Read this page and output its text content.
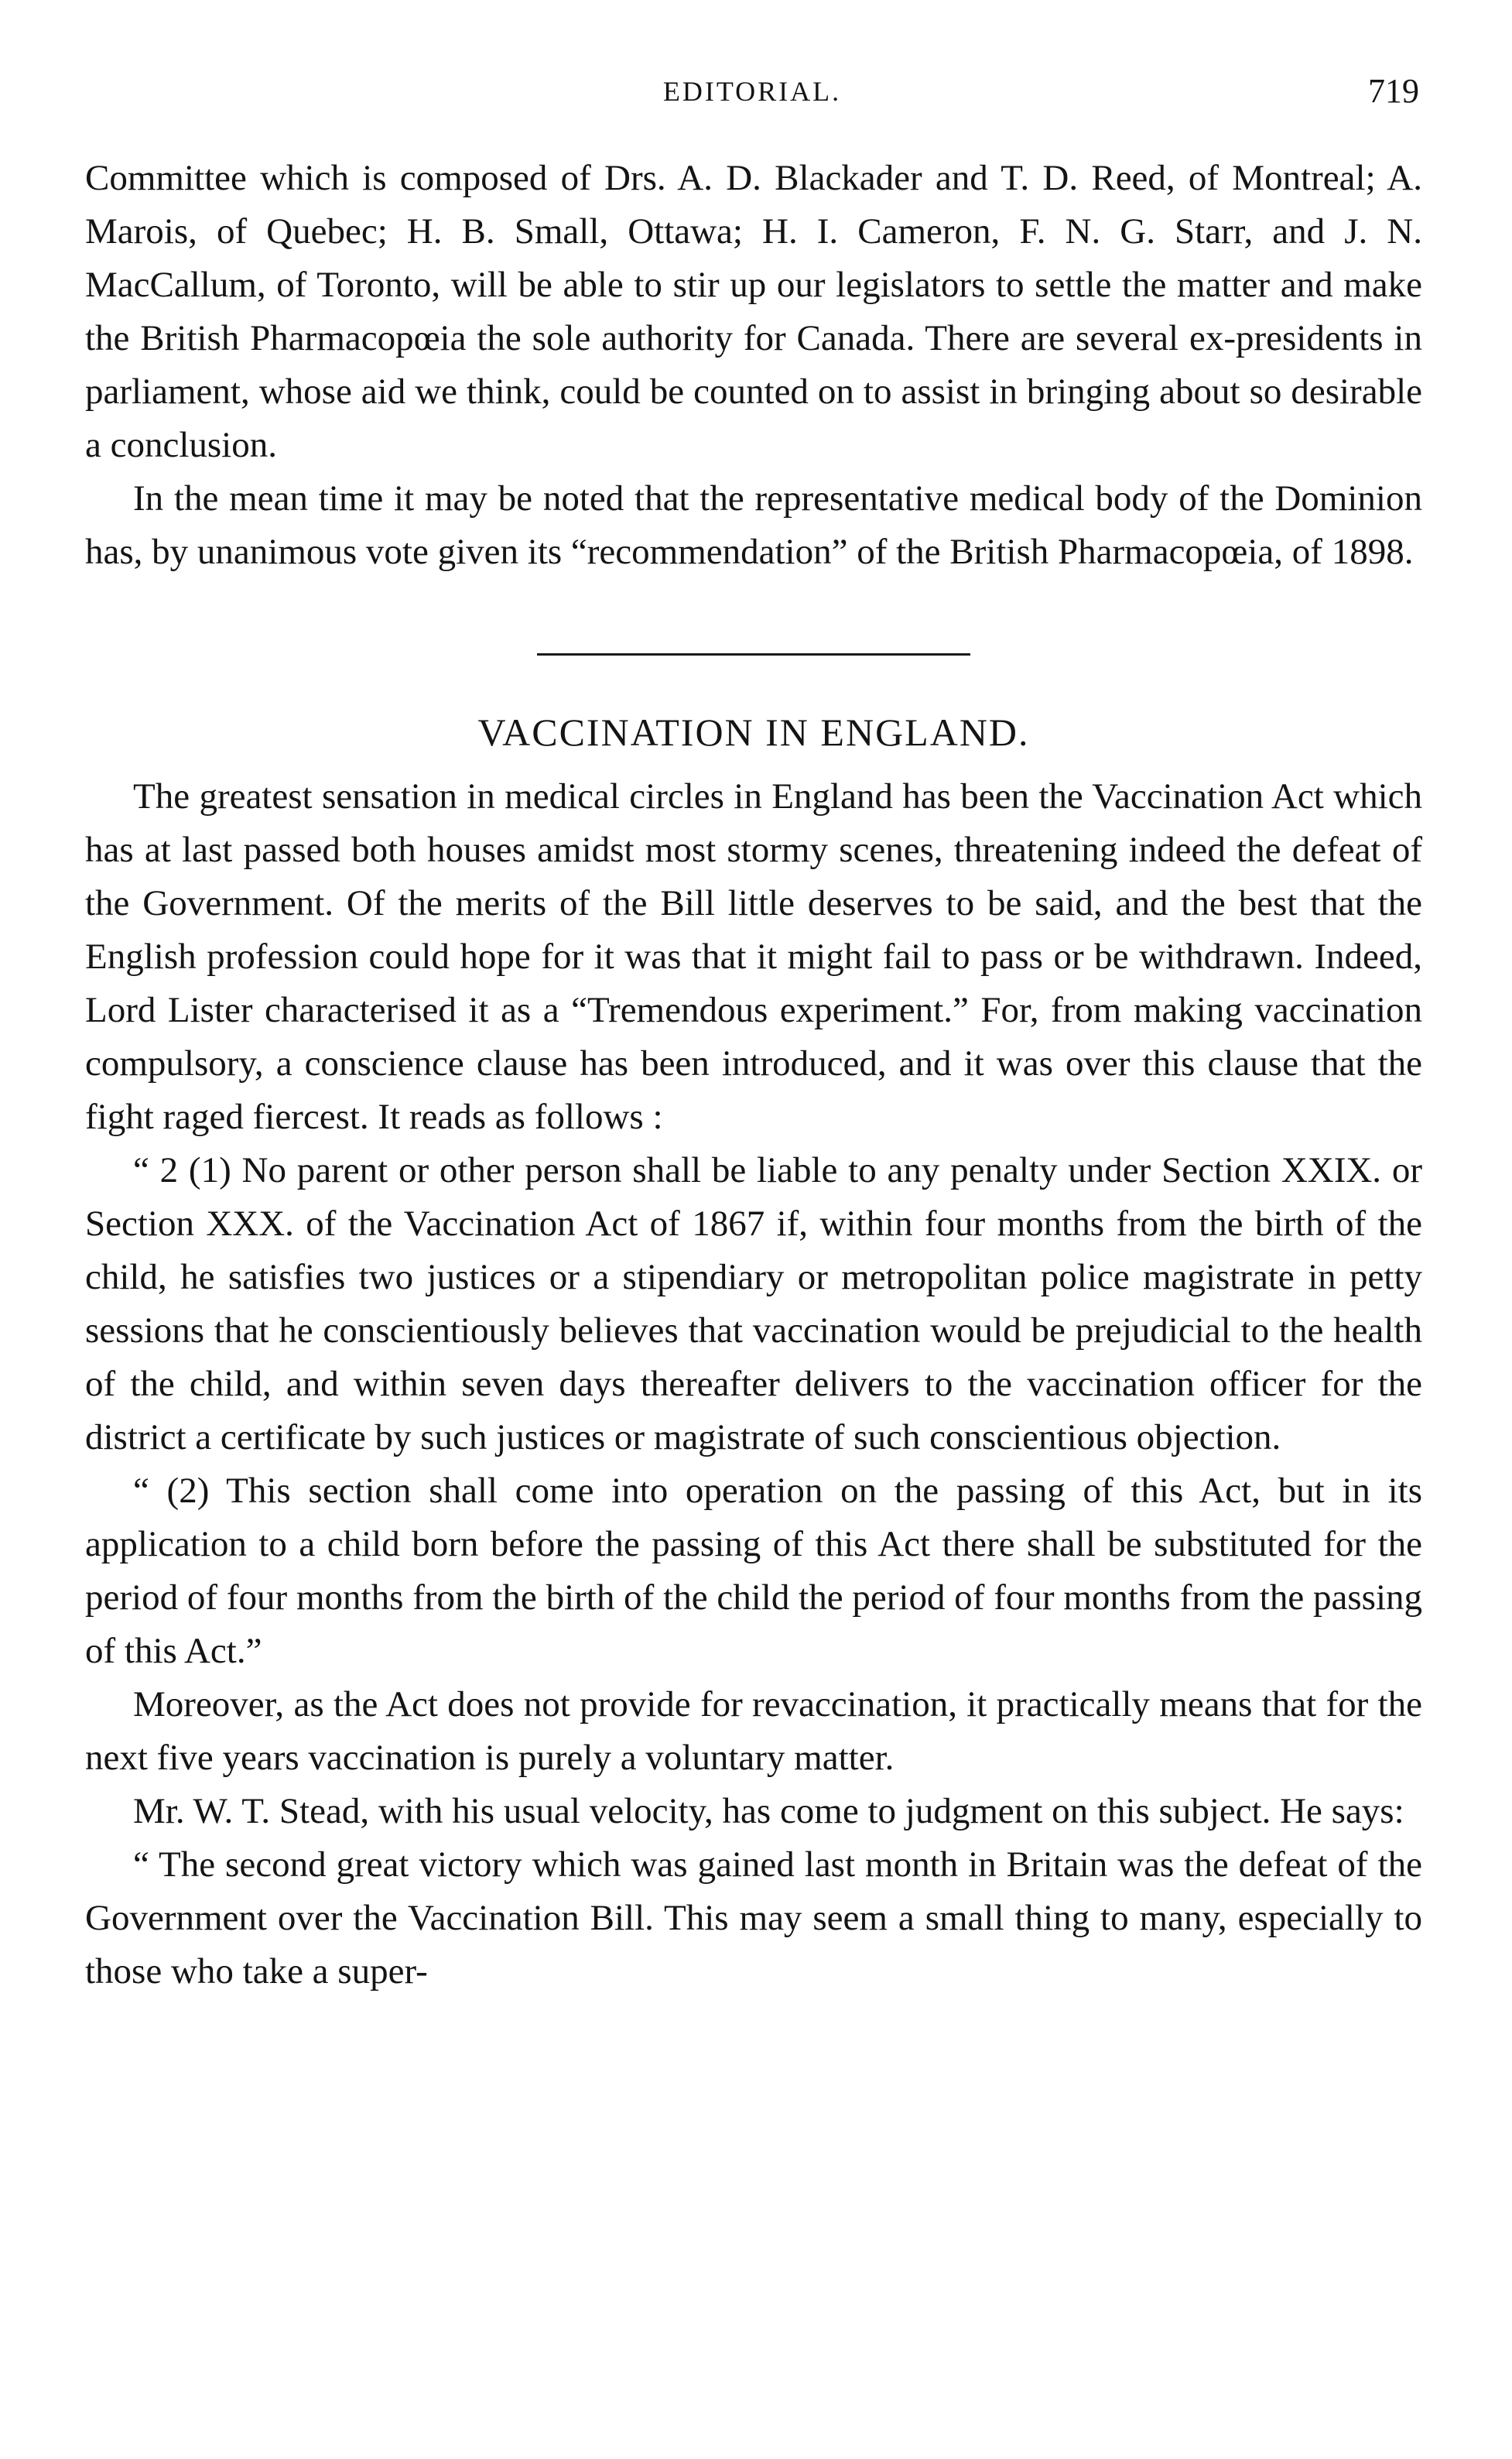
EDITORIAL.	719

Committee which is composed of Drs. A. D. Blackader and T. D. Reed, of Montreal; A. Marois, of Quebec; H. B. Small, Ottawa; H. I. Cameron, F. N. G. Starr, and J. N. MacCallum, of Toronto, will be able to stir up our legislators to settle the matter and make the British Pharmacopœia the sole authority for Canada. There are several ex-presidents in parliament, whose aid we think, could be counted on to assist in bringing about so desirable a conclusion.

In the mean time it may be noted that the representative medical body of the Dominion has, by unanimous vote given its “recommendation” of the British Pharmacopœia, of 1898.

VACCINATION IN ENGLAND.

The greatest sensation in medical circles in England has been the Vaccination Act which has at last passed both houses amidst most stormy scenes, threatening indeed the defeat of the Government. Of the merits of the Bill little deserves to be said, and the best that the English profession could hope for it was that it might fail to pass or be withdrawn. Indeed, Lord Lister characterised it as a “Tremendous experiment.” For, from making vaccination compulsory, a conscience clause has been introduced, and it was over this clause that the fight raged fiercest. It reads as follows :

“ 2 (1) No parent or other person shall be liable to any penalty under Section XXIX. or Section XXX. of the Vaccination Act of 1867 if, within four months from the birth of the child, he satisfies two justices or a stipendiary or metropolitan police magistrate in petty sessions that he conscientiously believes that vaccination would be prejudicial to the health of the child, and within seven days thereafter delivers to the vaccination officer for the district a certificate by such justices or magistrate of such conscientious objection.

“ (2) This section shall come into operation on the passing of this Act, but in its application to a child born before the passing of this Act there shall be substituted for the period of four months from the birth of the child the period of four months from the passing of this Act.”

Moreover, as the Act does not provide for revaccination, it practically means that for the next five years vaccination is purely a voluntary matter.

Mr. W. T. Stead, with his usual velocity, has come to judgment on this subject. He says:

“ The second great victory which was gained last month in Britain was the defeat of the Government over the Vaccination Bill. This may seem a small thing to many, especially to those who take a super-
